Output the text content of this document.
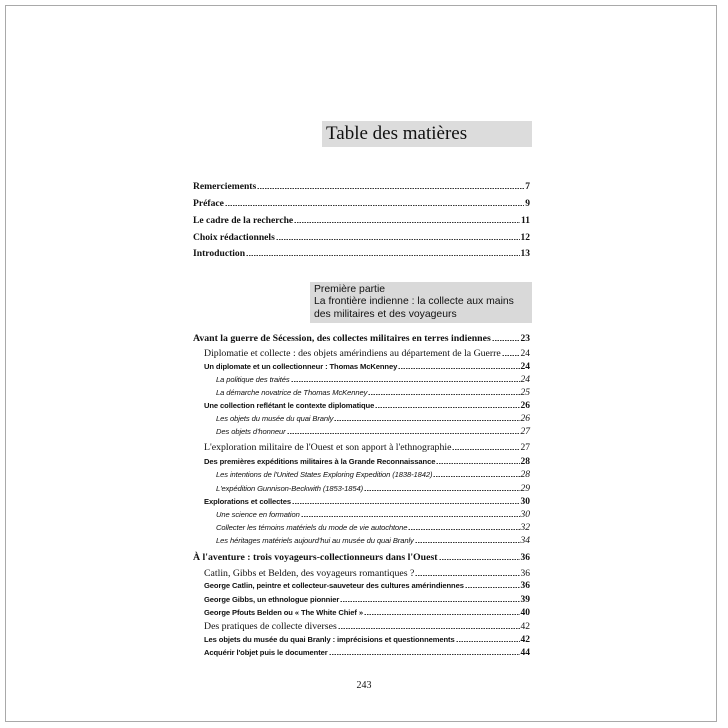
Table des matières
Remerciements	7
Préface	9
Le cadre de la recherche	11
Choix rédactionnels	12
Introduction	13
Avant la guerre de Sécession, des collectes militaires en terres indiennes	23
Diplomatie et collecte : des objets amérindiens au département de la Guerre 24
Un diplomate et un collectionneur : Thomas McKenney	24
La politique des traités	24
La démarche novatrice de Thomas McKenney	25
Une collection reflétant le contexte diplomatique	26
Les objets du musée du quai Branly	26
Des objets d'honneur	27
L'exploration militaire de l'Ouest et son apport à l'ethnographie	27
Des premières expéditions militaires à la Grande Reconnaissance	28
Les intentions de l'United States Exploring Expedition (1838-1842)	28
L'expédition Gunnison-Beckwith (1853-1854)	29
Explorations et collectes	30
Une science en formation	30
Collecter les témoins matériels du mode de vie autochtone	32
Les héritages matériels aujourd'hui au musée du quai Branly	34
À l'aventure : trois voyageurs-collectionneurs dans l'Ouest	36
Catlin, Gibbs et Belden, des voyageurs romantiques ?	36
George Catlin, peintre et collecteur-sauveteur des cultures amérindiennes	36
George Gibbs, un ethnologue pionnier	39
George Pfouts Belden ou « The White Chief »	40
Des pratiques de collecte diverses	42
Les objets du musée du quai Branly : imprécisions et questionnements	42
Acquérir l'objet puis le documenter	44
Première partie
La frontière indienne : la collecte aux mains
des militaires et des voyageurs
243
